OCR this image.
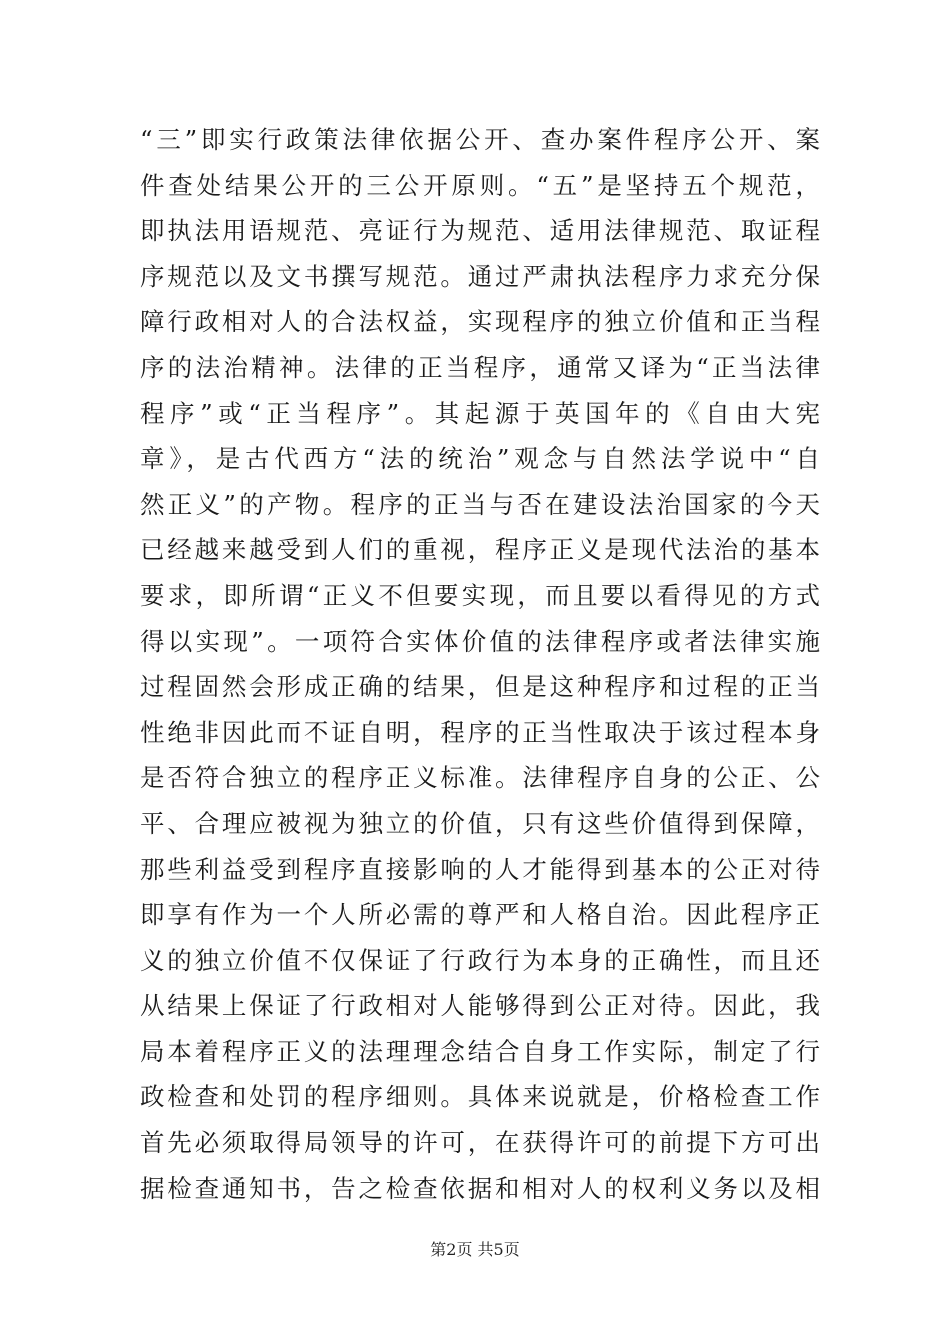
“三”即实行政策法律依据公开、查办案件程序公开、案
件查处结果公开的三公开原则。“五”是坚持五个规范，
即执法用语规范、亮证行为规范、适用法律规范、取证程
序规范以及文书撰写规范。通过严肃执法程序力求充分保
障行政相对人的合法权益，实现程序的独立价值和正当程
序的法治精神。法律的正当程序，通常又译为“正当法律
程序”或“正当程序”。其起源于英国年的《自由大宪
章》，是古代西方“法的统治”观念与自然法学说中“自
然正义”的产物。程序的正当与否在建设法治国家的今天
已经越来越受到人们的重视，程序正义是现代法治的基本
要求，即所谓“正义不但要实现，而且要以看得见的方式
得以实现”。一项符合实体价值的法律程序或者法律实施
过程固然会形成正确的结果，但是这种程序和过程的正当
性绝非因此而不证自明，程序的正当性取决于该过程本身
是否符合独立的程序正义标准。法律程序自身的公正、公
平、合理应被视为独立的价值，只有这些价值得到保障，
那些利益受到程序直接影响的人才能得到基本的公正对待
即享有作为一个人所必需的尊严和人格自治。因此程序正
义的独立价值不仅保证了行政行为本身的正确性，而且还
从结果上保证了行政相对人能够得到公正对待。因此，我
局本着程序正义的法理理念结合自身工作实际，制定了行
政检查和处罚的程序细则。具体来说就是，价格检查工作
首先必须取得局领导的许可，在获得许可的前提下方可出
据检查通知书，告之检查依据和相对人的权利义务以及相
第2页 共5页
